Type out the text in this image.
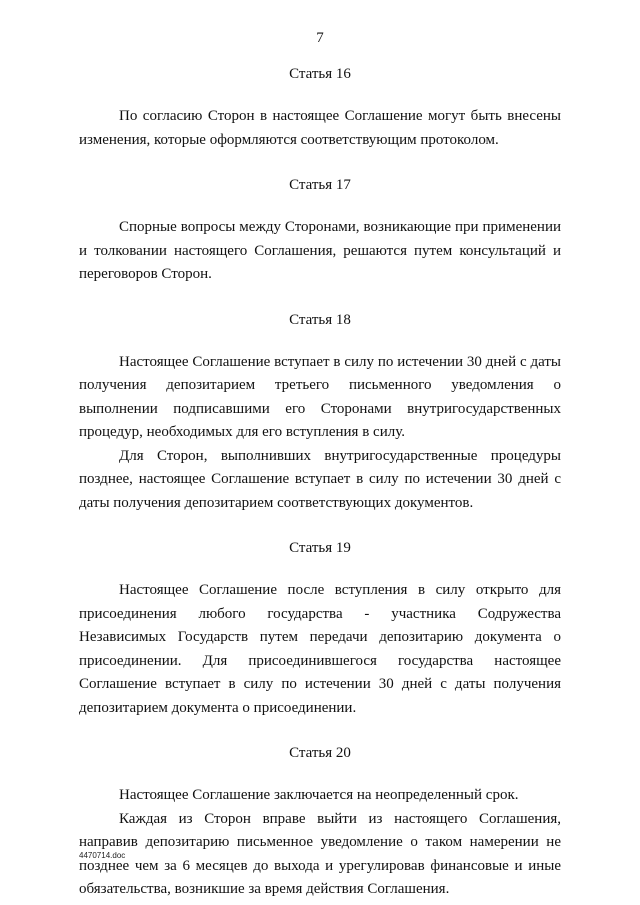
7

Статья 16

По согласию Сторон в настоящее Соглашение могут быть внесены изменения, которые оформляются соответствующим протоколом.

Статья 17

Спорные вопросы между Сторонами, возникающие при применении и толковании настоящего Соглашения, решаются путем консультаций и переговоров Сторон.

Статья 18

Настоящее Соглашение вступает в силу по истечении 30 дней с даты получения депозитарием третьего письменного уведомления о выполнении подписавшими его Сторонами внутригосударственных процедур, необходимых для его вступления в силу.

Для Сторон, выполнивших внутригосударственные процедуры позднее, настоящее Соглашение вступает в силу по истечении 30 дней с даты получения депозитарием соответствующих документов.

Статья 19

Настоящее Соглашение после вступления в силу открыто для присоединения любого государства - участника Содружества Независимых Государств путем передачи депозитарию документа о присоединении. Для присоединившегося государства настоящее Соглашение вступает в силу по истечении 30 дней с даты получения депозитарием документа о присоединении.

Статья 20

Настоящее Соглашение заключается на неопределенный срок.

Каждая из Сторон вправе выйти из настоящего Соглашения, направив депозитарию письменное уведомление о таком намерении не позднее чем за 6 месяцев до выхода и урегулировав финансовые и иные обязательства, возникшие за время действия Соглашения.

4470714.doc
